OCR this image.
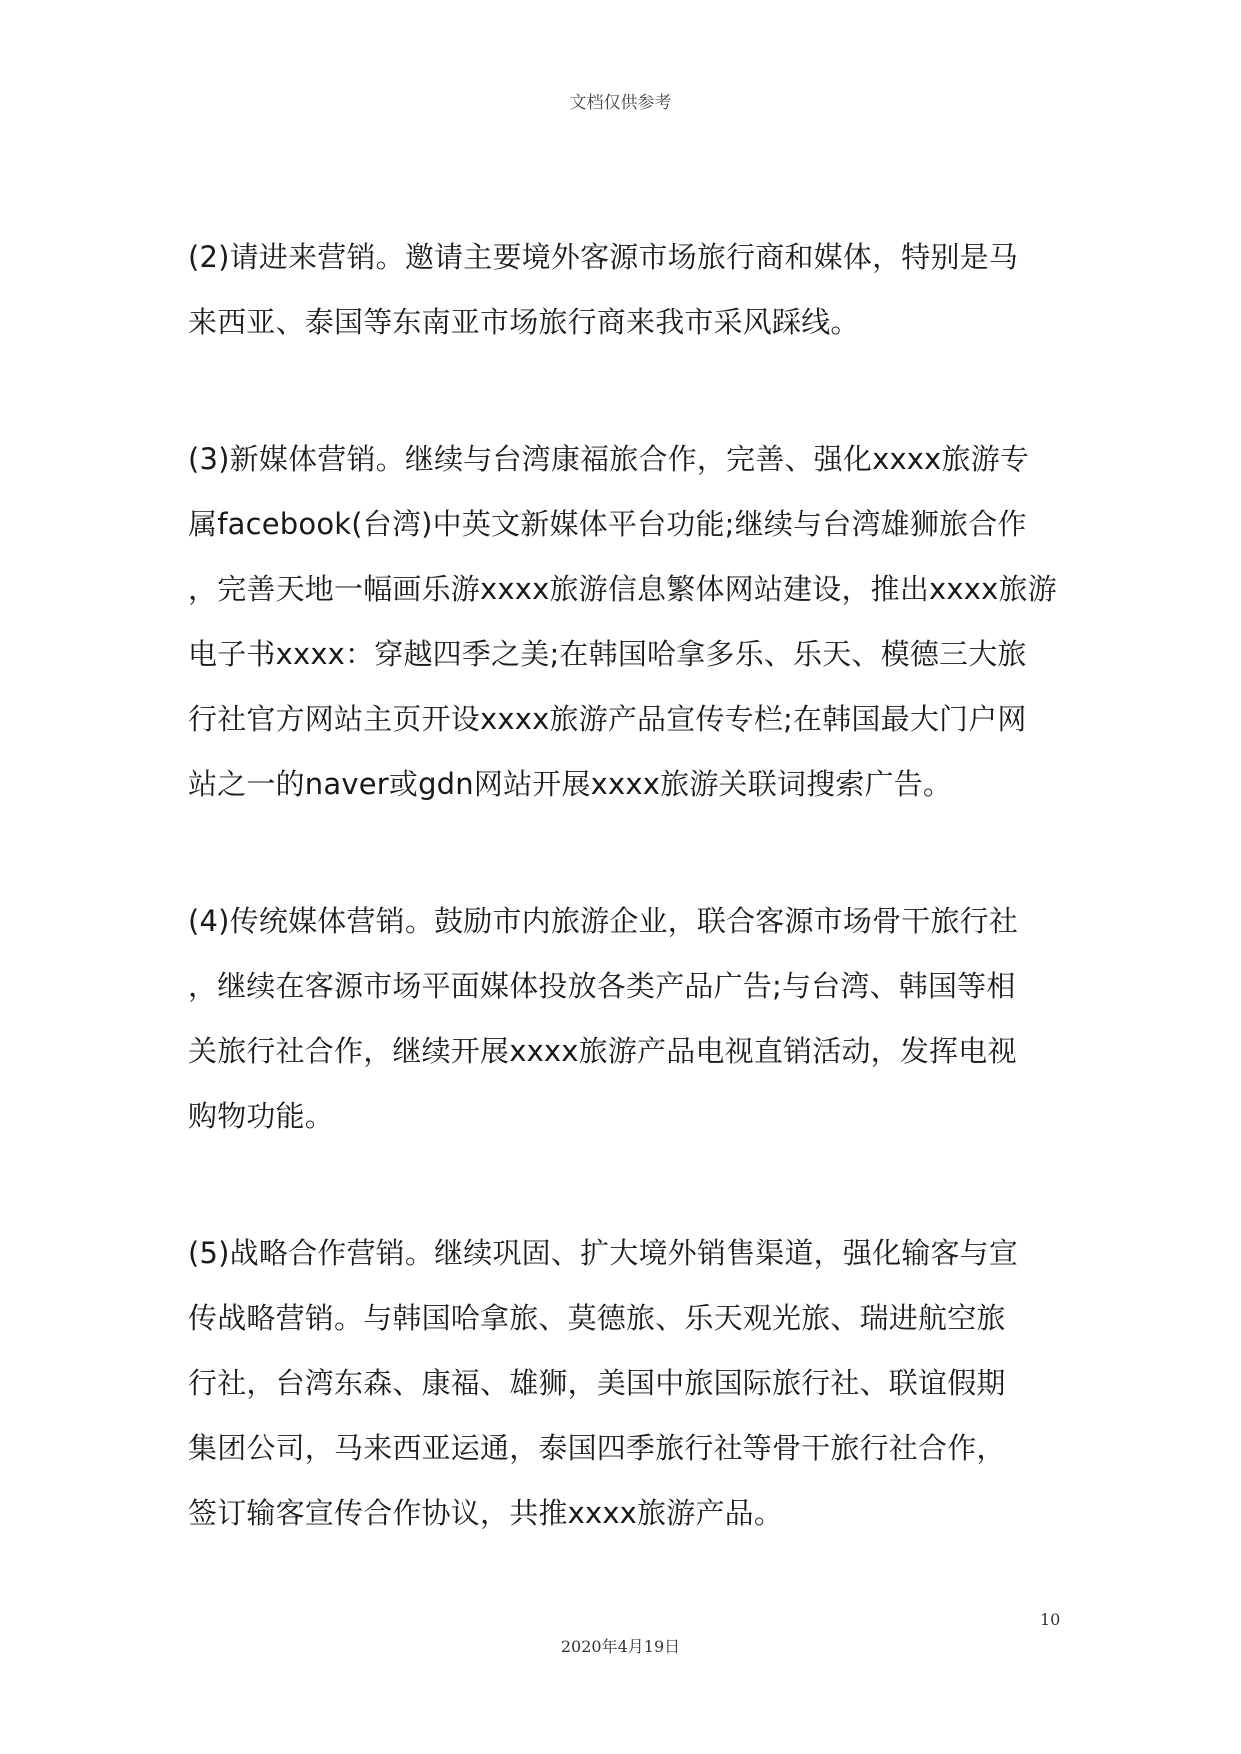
文档仅供参考
(2)请进来营销。邀请主要境外客源市场旅行商和媒体，特别是马
来西亚、泰国等东南亚市场旅行商来我市采风踩线。
(3)新媒体营销。继续与台湾康福旅合作，完善、强化xxxx旅游专
属facebook(台湾)中英文新媒体平台功能;继续与台湾雄狮旅合作
，完善天地一幅画乐游xxxx旅游信息繁体网站建设，推出xxxx旅游
电子书xxxx：穿越四季之美;在韩国哈拿多乐、乐天、模德三大旅
行社官方网站主页开设xxxx旅游产品宣传专栏;在韩国最大门户网
站之一的naver或gdn网站开展xxxx旅游关联词搜索广告。
(4)传统媒体营销。鼓励市内旅游企业，联合客源市场骨干旅行社
，继续在客源市场平面媒体投放各类产品广告;与台湾、韩国等相
关旅行社合作，继续开展xxxx旅游产品电视直销活动，发挥电视
购物功能。
(5)战略合作营销。继续巩固、扩大境外销售渠道，强化输客与宣
传战略营销。与韩国哈拿旅、莫德旅、乐天观光旅、瑞进航空旅
行社，台湾东森、康福、雄狮，美国中旅国际旅行社、联谊假期
集团公司，马来西亚运通，泰国四季旅行社等骨干旅行社合作，
签订输客宣传合作协议，共推xxxx旅游产品。
10
2020年4月19日
